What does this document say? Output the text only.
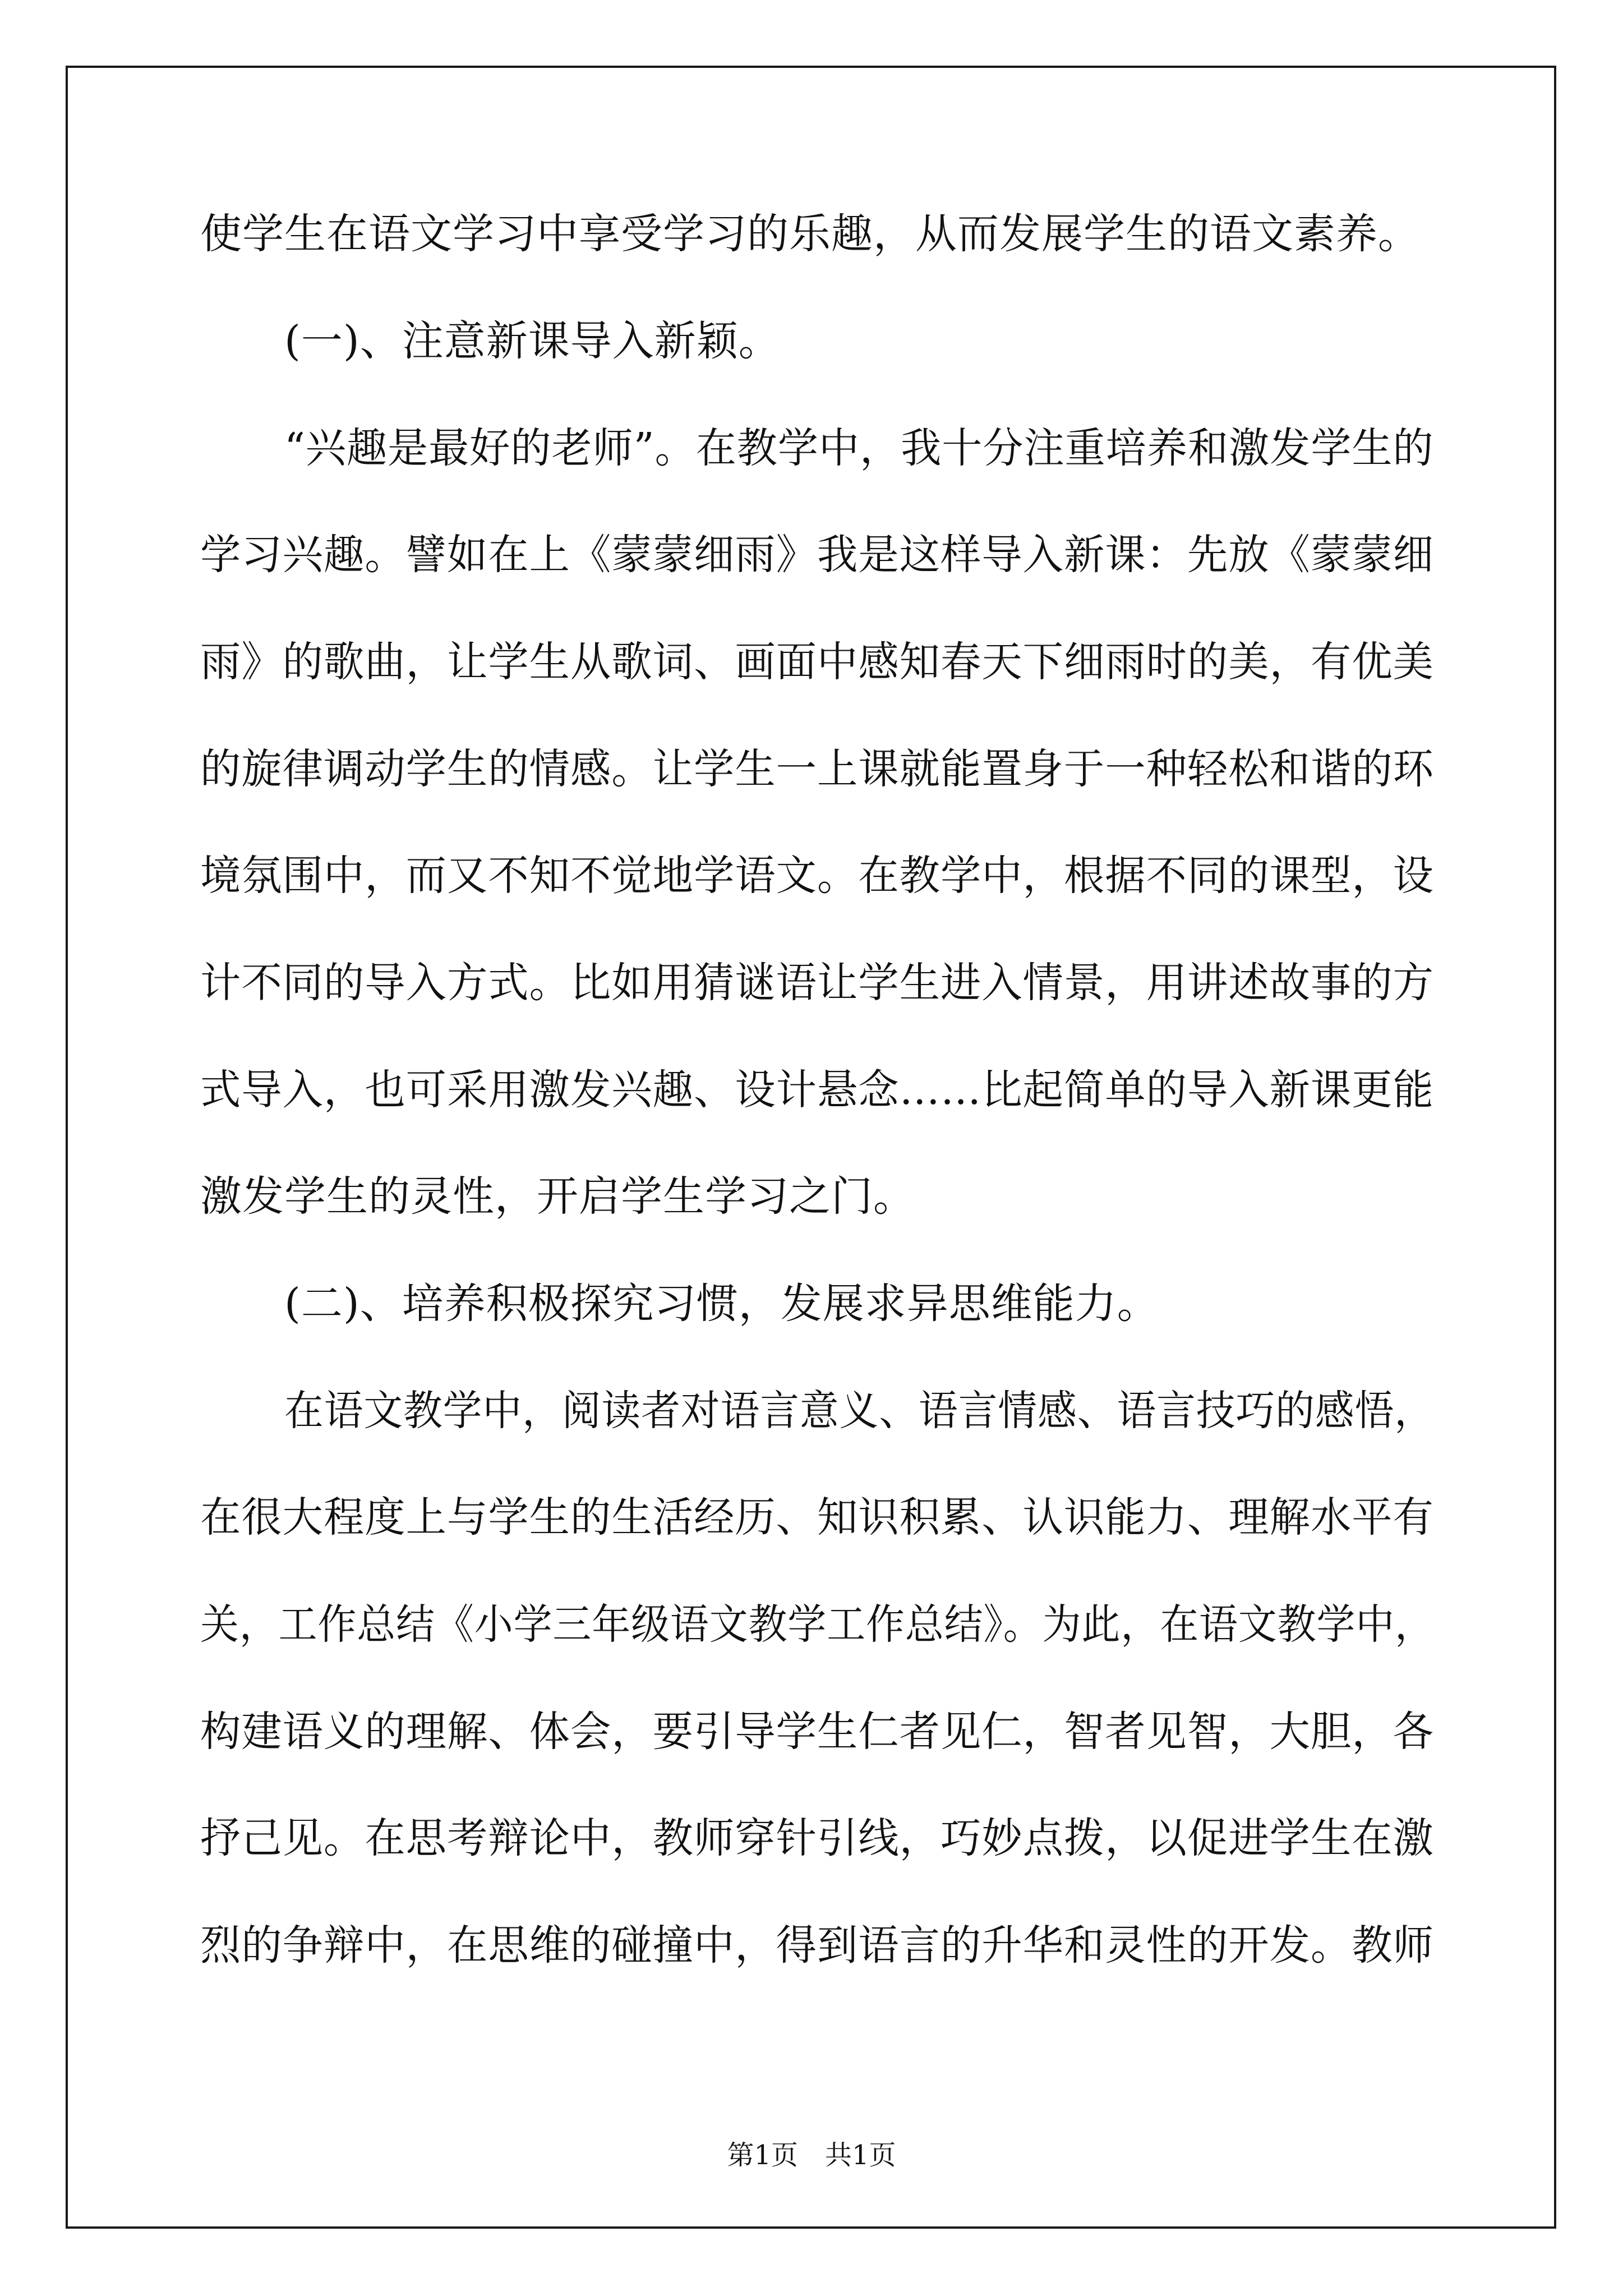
使学生在语文学习中享受学习的乐趣，从而发展学生的语文素养。
(一)、注意新课导入新颖。
“兴趣是最好的老师”。在教学中，我十分注重培养和激发学生的
学习兴趣。譬如在上《蒙蒙细雨》我是这样导入新课：先放《蒙蒙细
雨》的歌曲，让学生从歌词、画面中感知春天下细雨时的美，有优美
的旋律调动学生的情感。让学生一上课就能置身于一种轻松和谐的环
境氛围中，而又不知不觉地学语文。在教学中，根据不同的课型，设
计不同的导入方式。比如用猜谜语让学生进入情景，用讲述故事的方
式导入，也可采用激发兴趣、设计悬念……比起简单的导入新课更能
激发学生的灵性，开启学生学习之门。
(二)、培养积极探究习惯，发展求异思维能力。
在语文教学中，阅读者对语言意义、语言情感、语言技巧的感悟，
在很大程度上与学生的生活经历、知识积累、认识能力、理解水平有
关，工作总结《小学三年级语文教学工作总结》。为此，在语文教学中，
构建语义的理解、体会，要引导学生仁者见仁，智者见智，大胆，各
抒己见。在思考辩论中，教师穿针引线，巧妙点拨，以促进学生在激
烈的争辩中，在思维的碰撞中，得到语言的升华和灵性的开发。教师
第1页 共1页
